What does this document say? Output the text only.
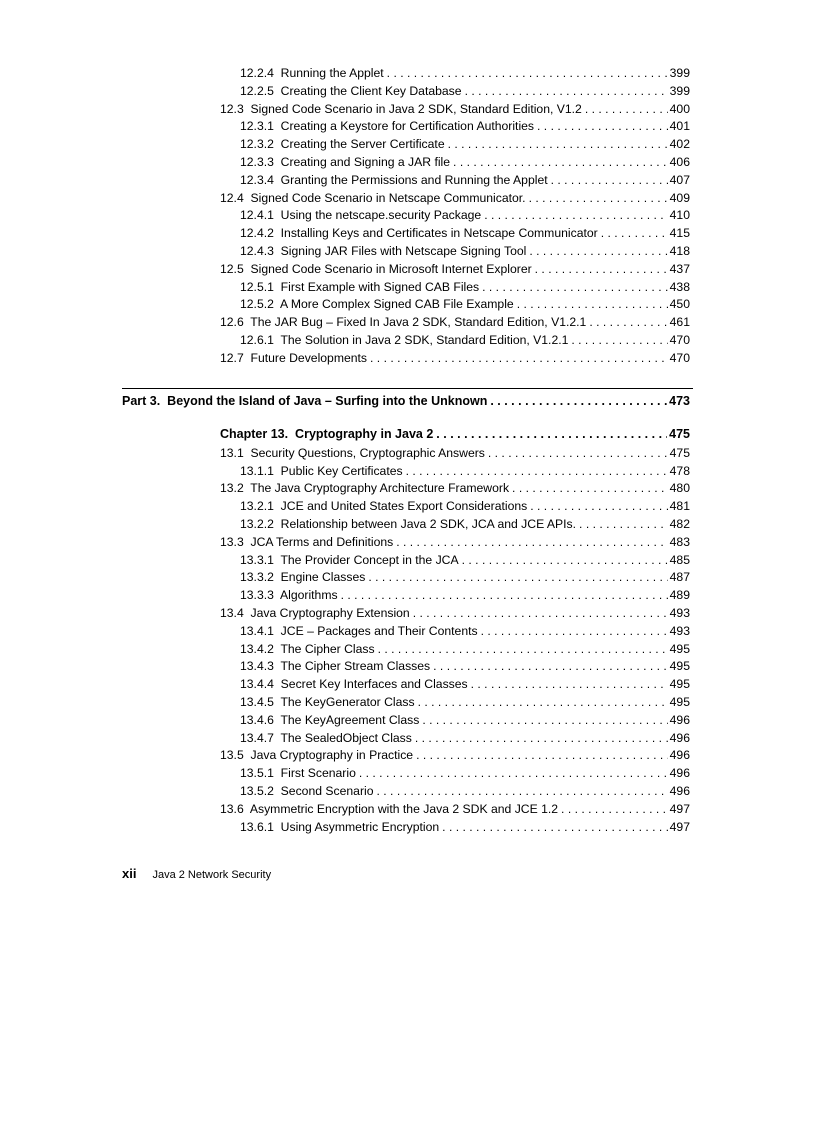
12.2.4 Running the Applet . . .	399
12.2.5 Creating the Client Key Database . . .	399
12.3 Signed Code Scenario in Java 2 SDK, Standard Edition, V1.2 . . .	400
12.3.1 Creating a Keystore for Certification Authorities . . .	401
12.3.2 Creating the Server Certificate . . .	402
12.3.3 Creating and Signing a JAR file . . .	406
12.3.4 Granting the Permissions and Running the Applet . . .	407
12.4 Signed Code Scenario in Netscape Communicator. . . .	409
12.4.1 Using the netscape.security Package . . .	410
12.4.2 Installing Keys and Certificates in Netscape Communicator . . .	415
12.4.3 Signing JAR Files with Netscape Signing Tool . . .	418
12.5 Signed Code Scenario in Microsoft Internet Explorer . . .	437
12.5.1 First Example with Signed CAB Files . . .	438
12.5.2 A More Complex Signed CAB File Example . . .	450
12.6 The JAR Bug – Fixed In Java 2 SDK, Standard Edition, V1.2.1 . . .	461
12.6.1 The Solution in Java 2 SDK, Standard Edition, V1.2.1 . . .	470
12.7 Future Developments . . .	470
Part 3. Beyond the Island of Java – Surfing into the Unknown . . .	473
Chapter 13. Cryptography in Java 2 . . .	475
13.1 Security Questions, Cryptographic Answers . . .	475
13.1.1 Public Key Certificates . . .	478
13.2 The Java Cryptography Architecture Framework . . .	480
13.2.1 JCE and United States Export Considerations . . .	481
13.2.2 Relationship between Java 2 SDK, JCA and JCE APIs. . . .	482
13.3 JCA Terms and Definitions . . .	483
13.3.1 The Provider Concept in the JCA . . .	485
13.3.2 Engine Classes . . .	487
13.3.3 Algorithms . . .	489
13.4 Java Cryptography Extension . . .	493
13.4.1 JCE – Packages and Their Contents . . .	493
13.4.2 The Cipher Class . . .	495
13.4.3 The Cipher Stream Classes . . .	495
13.4.4 Secret Key Interfaces and Classes . . .	495
13.4.5 The KeyGenerator Class . . .	495
13.4.6 The KeyAgreement Class . . .	496
13.4.7 The SealedObject Class . . .	496
13.5 Java Cryptography in Practice . . .	496
13.5.1 First Scenario . . .	496
13.5.2 Second Scenario . . .	496
13.6 Asymmetric Encryption with the Java 2 SDK and JCE 1.2 . . .	497
13.6.1 Using Asymmetric Encryption . . .	497
xii Java 2 Network Security
